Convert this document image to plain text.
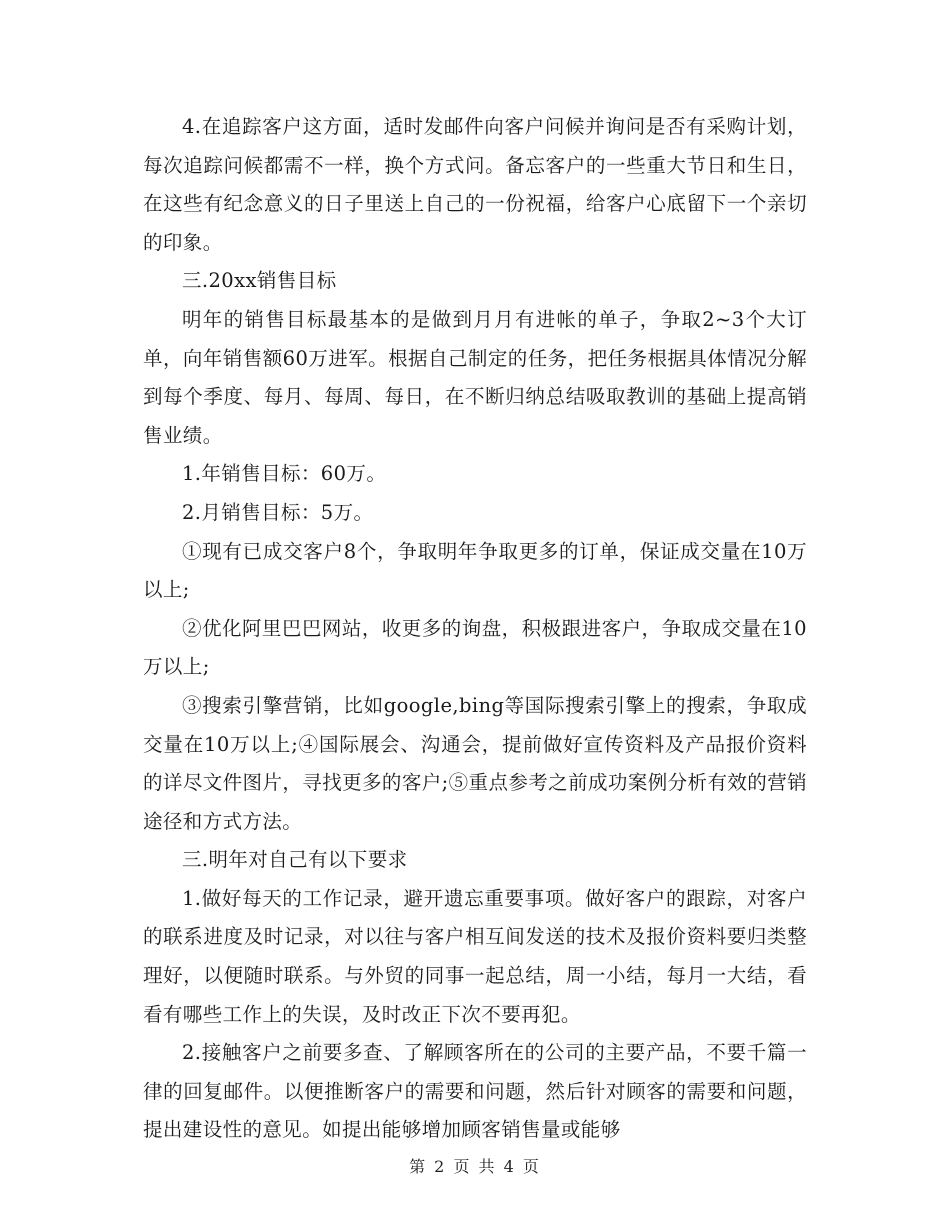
4.在追踪客户这方面，适时发邮件向客户问候并询问是否有采购计划，每次追踪问候都需不一样，换个方式问。备忘客户的一些重大节日和生日，在这些有纪念意义的日子里送上自己的一份祝福，给客户心底留下一个亲切的印象。

三.20xx销售目标

明年的销售目标最基本的是做到月月有进帐的单子，争取2~3个大订单，向年销售额60万进军。根据自己制定的任务，把任务根据具体情况分解到每个季度、每月、每周、每日，在不断归纳总结吸取教训的基础上提高销售业绩。

1.年销售目标：60万。

2.月销售目标：5万。

①现有已成交客户8个，争取明年争取更多的订单，保证成交量在10万以上;

②优化阿里巴巴网站，收更多的询盘，积极跟进客户，争取成交量在10万以上;

③搜索引擎营销，比如google,bing等国际搜索引擎上的搜索，争取成交量在10万以上;④国际展会、沟通会，提前做好宣传资料及产品报价资料的详尽文件图片，寻找更多的客户;⑤重点参考之前成功案例分析有效的营销途径和方式方法。

三.明年对自己有以下要求

1.做好每天的工作记录，避开遗忘重要事项。做好客户的跟踪，对客户的联系进度及时记录，对以往与客户相互间发送的技术及报价资料要归类整理好，以便随时联系。与外贸的同事一起总结，周一小结，每月一大结，看看有哪些工作上的失误，及时改正下次不要再犯。

2.接触客户之前要多查、了解顾客所在的公司的主要产品，不要千篇一律的回复邮件。以便推断客户的需要和问题，然后针对顾客的需要和问题，提出建设性的意见。如提出能够增加顾客销售量或能够

第 2 页 共 4 页
